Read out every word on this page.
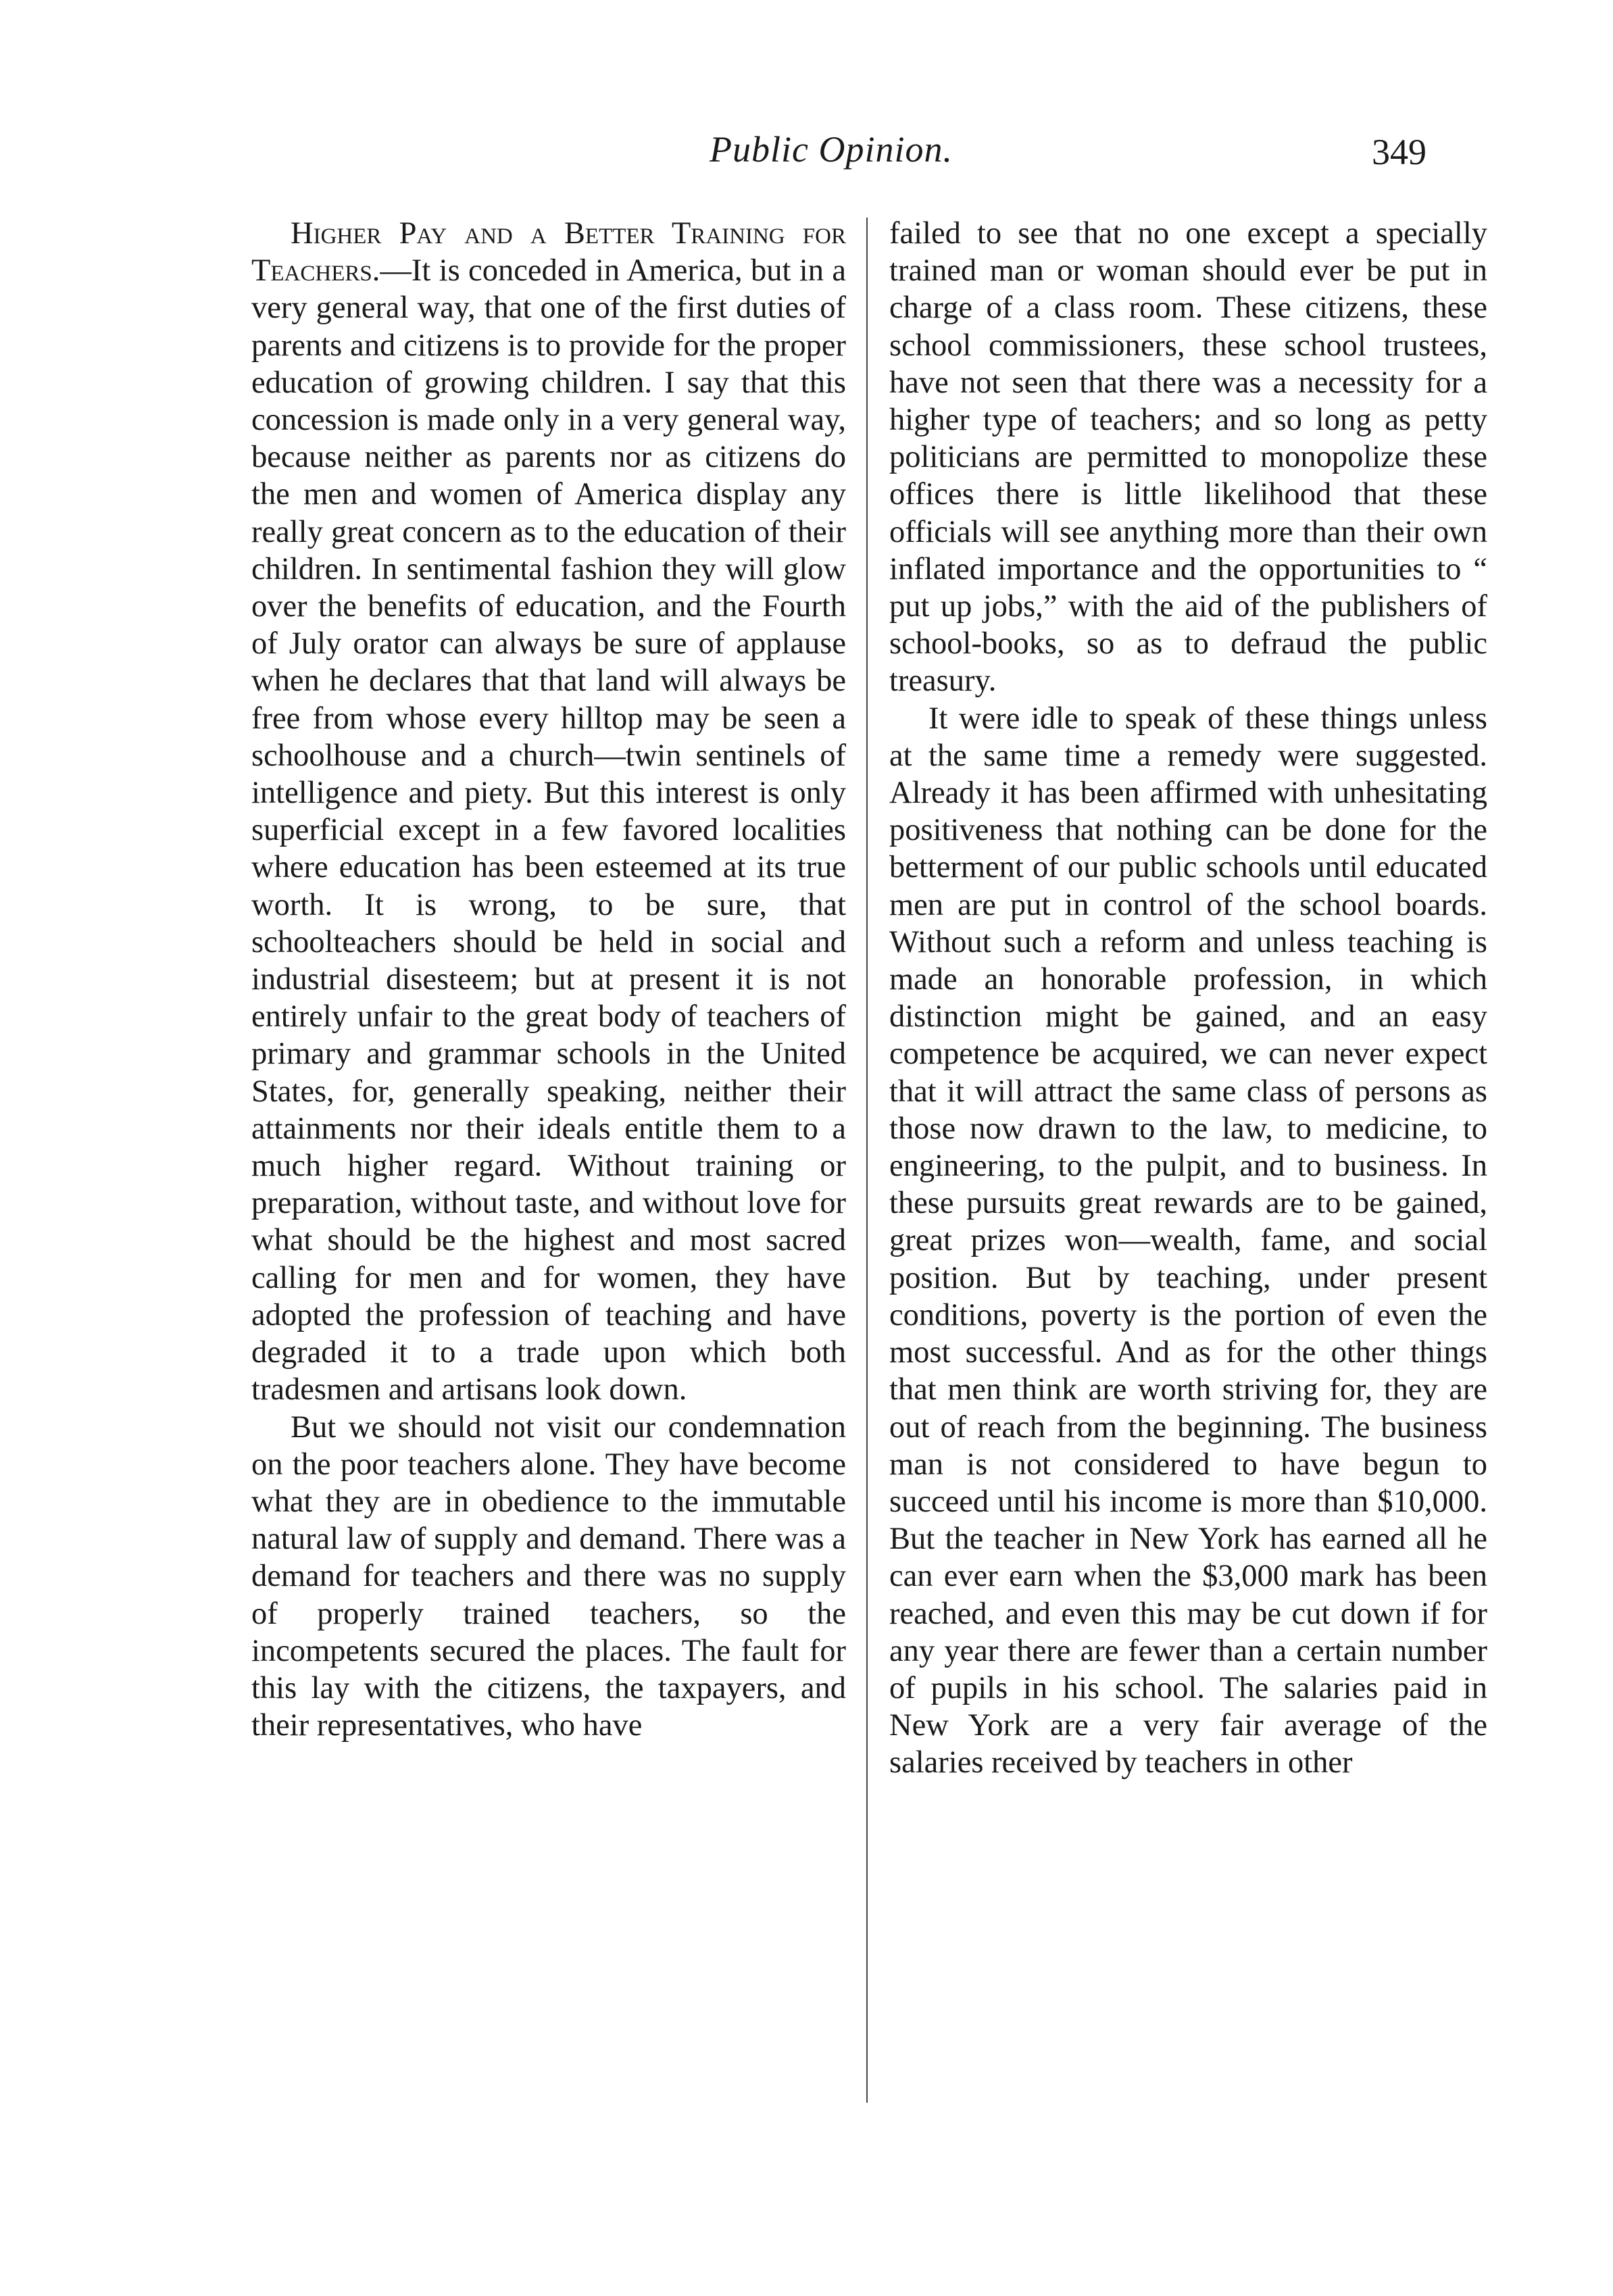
Public Opinion.	349

Higher Pay and a Better Training for Teachers.—It is conceded in America, but in a very general way, that one of the first duties of parents and citizens is to provide for the proper education of growing children. I say that this concession is made only in a very general way, because neither as parents nor as citizens do the men and women of America display any really great concern as to the education of their children. In sentimental fashion they will glow over the benefits of education, and the Fourth of July orator can always be sure of applause when he declares that that land will always be free from whose every hilltop may be seen a schoolhouse and a church—twin sentinels of intelligence and piety. But this interest is only superficial except in a few favored localities where education has been esteemed at its true worth. It is wrong, to be sure, that schoolteachers should be held in social and industrial disesteem; but at present it is not entirely unfair to the great body of teachers of primary and grammar schools in the United States, for, generally speaking, neither their attainments nor their ideals entitle them to a much higher regard. Without training or preparation, without taste, and without love for what should be the highest and most sacred calling for men and for women, they have adopted the profession of teaching and have degraded it to a trade upon which both tradesmen and artisans look down.

But we should not visit our condemnation on the poor teachers alone. They have become what they are in obedience to the immutable natural law of supply and demand. There was a demand for teachers and there was no supply of properly trained teachers, so the incompetents secured the places. The fault for this lay with the citizens, the taxpayers, and their representatives, who have

failed to see that no one except a specially trained man or woman should ever be put in charge of a class room. These citizens, these school commissioners, these school trustees, have not seen that there was a necessity for a higher type of teachers; and so long as petty politicians are permitted to monopolize these offices there is little likelihood that these officials will see anything more than their own inflated importance and the opportunities to “ put up jobs,” with the aid of the publishers of school-books, so as to defraud the public treasury.

It were idle to speak of these things unless at the same time a remedy were suggested. Already it has been affirmed with unhesitating positiveness that nothing can be done for the betterment of our public schools until educated men are put in control of the school boards. Without such a reform and unless teaching is made an honorable profession, in which distinction might be gained, and an easy competence be acquired, we can never expect that it will attract the same class of persons as those now drawn to the law, to medicine, to engineering, to the pulpit, and to business. In these pursuits great rewards are to be gained, great prizes won—wealth, fame, and social position. But by teaching, under present conditions, poverty is the portion of even the most successful. And as for the other things that men think are worth striving for, they are out of reach from the beginning. The business man is not considered to have begun to succeed until his income is more than $10,000. But the teacher in New York has earned all he can ever earn when the $3,000 mark has been reached, and even this may be cut down if for any year there are fewer than a certain number of pupils in his school. The salaries paid in New York are a very fair average of the salaries received by teachers in other
